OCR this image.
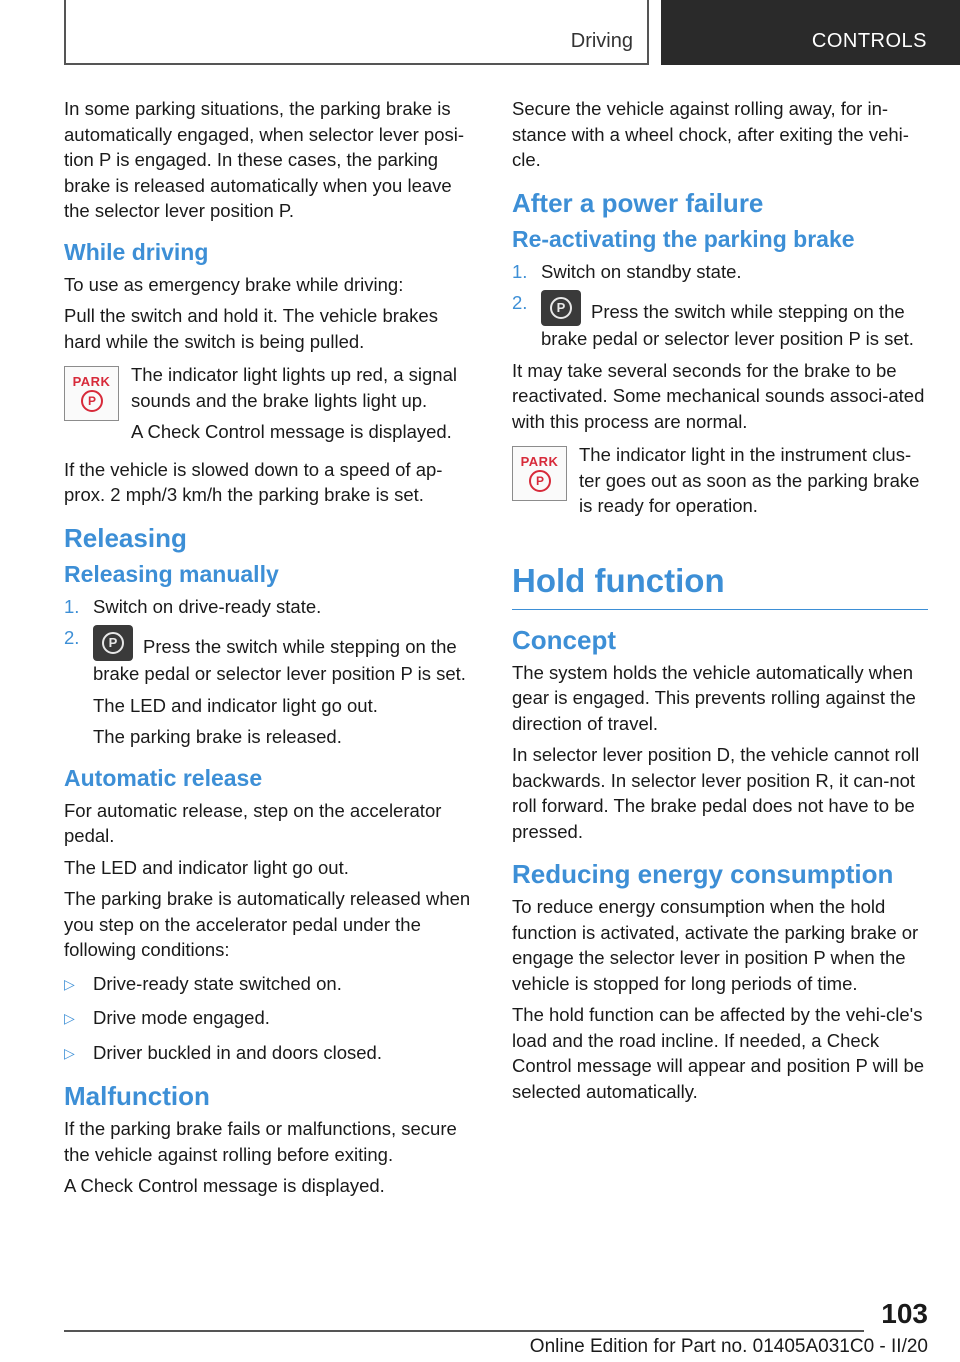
Driving	CONTROLS

In some parking situations, the parking brake is automatically engaged, when selector lever posi-tion P is engaged. In these cases, the parking brake is released automatically when you leave the selector lever position P.

While driving

To use as emergency brake while driving:

Pull the switch and hold it. The vehicle brakes hard while the switch is being pulled.

PARK
P

The indicator light lights up red, a signal sounds and the brake lights light up.

A Check Control message is displayed.

If the vehicle is slowed down to a speed of ap-prox. 2 mph/3 km/h the parking brake is set.

Releasing
Releasing manually
1. Switch on drive-ready state.
2.	P Press the switch while stepping on the brake pedal or selector lever position P is set.
The LED and indicator light go out.
The parking brake is released.
Automatic release

For automatic release, step on the accelerator pedal.

The LED and indicator light go out.

The parking brake is automatically released when you step on the accelerator pedal under the following conditions:

▷ Drive-ready state switched on.
▷ Drive mode engaged.
▷ Driver buckled in and doors closed.
Malfunction

If the parking brake fails or malfunctions, secure the vehicle against rolling before exiting.

A Check Control message is displayed.

Secure the vehicle against rolling away, for in-stance with a wheel chock, after exiting the vehi-cle.

After a power failure
Re-activating the parking brake
1. Switch on standby state.
2.	P Press the switch while stepping on the brake pedal or selector lever position P is set.

It may take several seconds for the brake to be reactivated. Some mechanical sounds associ-ated with this process are normal.

PARK
P

The indicator light in the instrument clus-ter goes out as soon as the parking brake is ready for operation.

Hold function
Concept

The system holds the vehicle automatically when gear is engaged. This prevents rolling against the direction of travel.

In selector lever position D, the vehicle cannot roll backwards. In selector lever position R, it can-not roll forward. The brake pedal does not have to be pressed.

Reducing energy consumption

To reduce energy consumption when the hold function is activated, activate the parking brake or engage the selector lever in position P when the vehicle is stopped for long periods of time.

The hold function can be affected by the vehi-cle's load and the road incline. If needed, a Check Control message will appear and position P will be selected automatically.

103
Online Edition for Part no. 01405A031C0 - II/20
